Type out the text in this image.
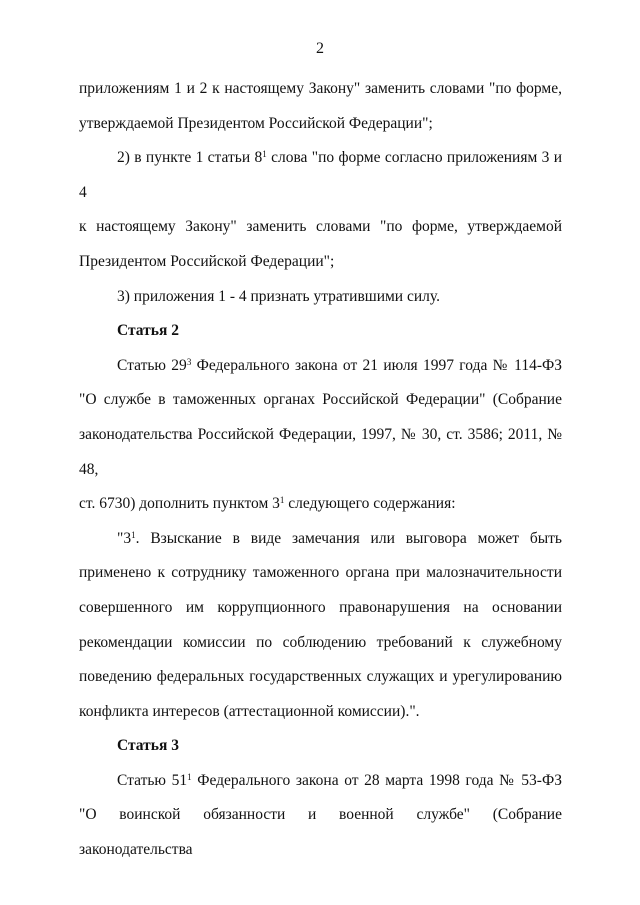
2
приложениям 1 и 2 к настоящему Закону" заменить словами "по форме,
утверждаемой Президентом Российской Федерации";
2) в пункте 1 статьи $8^1$ слова "по форме согласно приложениям 3 и 4
к настоящему Закону" заменить словами "по форме, утверждаемой
Президентом Российской Федерации";
3) приложения 1 - 4 признать утратившими силу.
Статья 2
Статью $29^3$ Федерального закона от 21 июля 1997 года № 114-ФЗ
"О службе в таможенных органах Российской Федерации" (Собрание
законодательства Российской Федерации, 1997, № 30, ст. 3586; 2011, № 48,
ст. 6730) дополнить пунктом $3^1$ следующего содержания:
"$3^1$. Взыскание в виде замечания или выговора может быть
применено к сотруднику таможенного органа при малозначительности
совершенного им коррупционного правонарушения на основании
рекомендации комиссии по соблюдению требований к служебному
поведению федеральных государственных служащих и урегулированию
конфликта интересов (аттестационной комиссии).".
Статья 3
Статью $51^1$ Федерального закона от 28 марта 1998 года № 53-ФЗ
"О воинской обязанности и военной службе" (Собрание законодательства
